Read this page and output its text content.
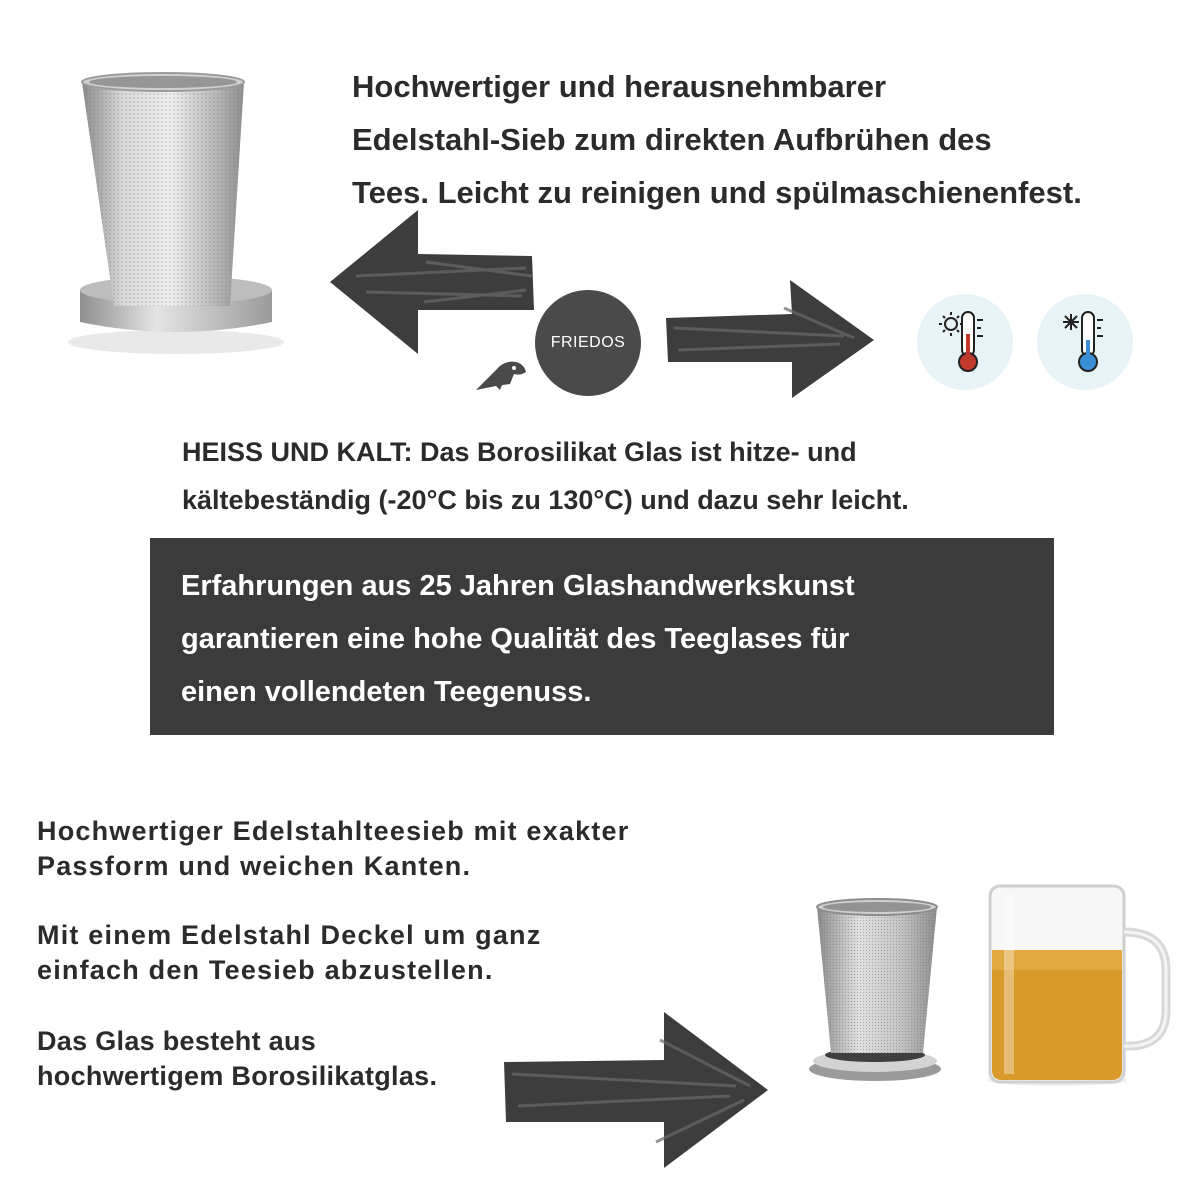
Hochwertiger und herausnehmbarer
Edelstahl-Sieb zum direkten Aufbrühen des
Tees. Leicht zu reinigen und spülmaschienenfest.
FRIEDOS
HEISS UND KALT: Das Borosilikat Glas ist hitze- und
kältebeständig (-20°C bis zu 130°C) und dazu sehr leicht.
Erfahrungen aus 25 Jahren Glashandwerkskunst
garantieren eine hohe Qualität des Teeglases für
einen vollendeten Teegenuss.
Hochwertiger Edelstahlteesieb mit exakter
Passform und weichen Kanten.
Mit einem Edelstahl Deckel um ganz
einfach den Teesieb abzustellen.
Das Glas besteht aus
hochwertigem Borosilikatglas.
